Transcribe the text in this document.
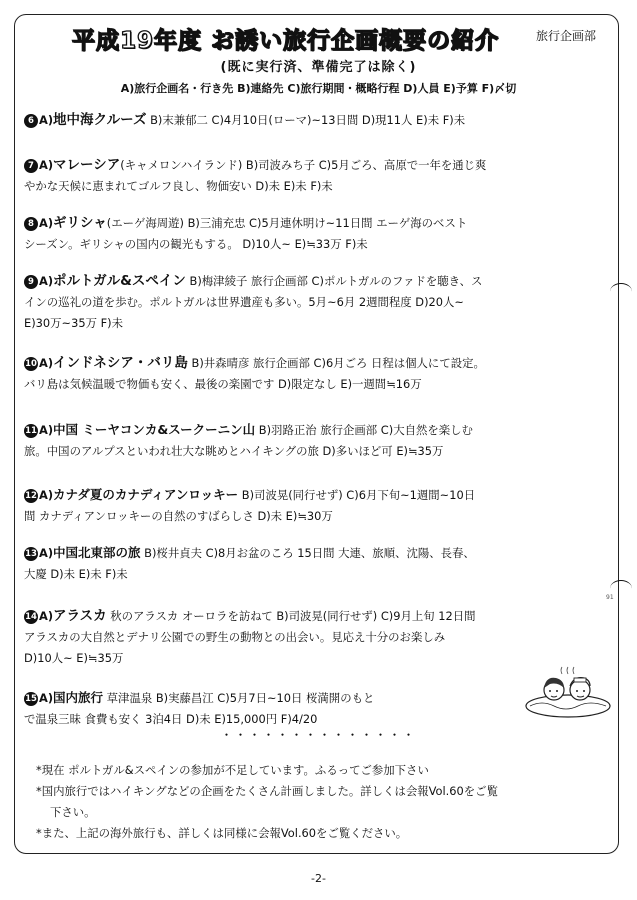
平成19年度 お誘い旅行企画概要の紹介	旅行企画部
(既に実行済、準備完了は除く)
A)旅行企画名・行き先 B)連絡先 C)旅行期間・概略行程 D)人員 E)予算 F)〆切
6 A)地中海クルーズ B)末兼郁二 C)4月10日(ローマ)~13日間 D)現11人 E)未 F)未
7 A)マレーシア(キャメロンハイランド) B)司波みち子 C)5月ごろ、高原で一年を通じ爽
やかな天候に恵まれてゴルフ良し、物価安い D)未 E)未 F)未
8 A)ギリシャ(エーゲ海周遊) B)三浦充忠 C)5月連休明け~11日間 エーゲ海のベスト
シーズン。ギリシャの国内の観光もする。 D)10人~ E)≒33万 F)未
9 A)ポルトガル&スペイン B)梅津綾子 旅行企画部 C)ポルトガルのファドを聴き、ス
インの巡礼の道を歩む。ポルトガルは世界遺産も多い。5月~6月 2週間程度 D)20人~
E)30万~35万 F)未
10 A)インドネシア・バリ島 B)井森晴彦 旅行企画部 C)6月ごろ 日程は個人にて設定。
バリ島は気候温暖で物価も安く、最後の楽園です D)限定なし E)一週間≒16万
11 A)中国 ミーヤコンカ&スークーニン山 B)羽路正治 旅行企画部 C)大自然を楽しむ
旅。中国のアルプスといわれ壮大な眺めとハイキングの旅 D)多いほど可 E)≒35万
12 A)カナダ夏のカナディアンロッキー B)司波晃(同行せず) C)6月下旬~1週間~10日
間 カナディアンロッキーの自然のすばらしさ D)未 E)≒30万
13 A)中国北東部の旅 B)桜井貞夫 C)8月お盆のころ 15日間 大連、旅順、沈陽、長春、
大慶 D)未 E)未 F)未
14 A)アラスカ 秋のアラスカ オーロラを訪ねて B)司波晃(同行せず) C)9月上旬 12日間
アラスカの大自然とデナリ公園での野生の動物との出会い。見応え十分のお楽しみ
D)10人~ E)≒35万
15 A)国内旅行 草津温泉 B)実藤昌江 C)5月7日~10日 桜満開のもと
で温泉三昧 食費も安く 3泊4日 D)未 E)15,000円 F)4/20
・・・・・・・・・・・・・・
*現在 ポルトガル&スペインの参加が不足しています。ふるってご参加下さい
*国内旅行ではハイキングなどの企画をたくさん計画しました。詳しくは会報Vol.60をご覧
下さい。
*また、上記の海外旅行も、詳しくは同様に会報Vol.60をご覧ください。
-2-
91
